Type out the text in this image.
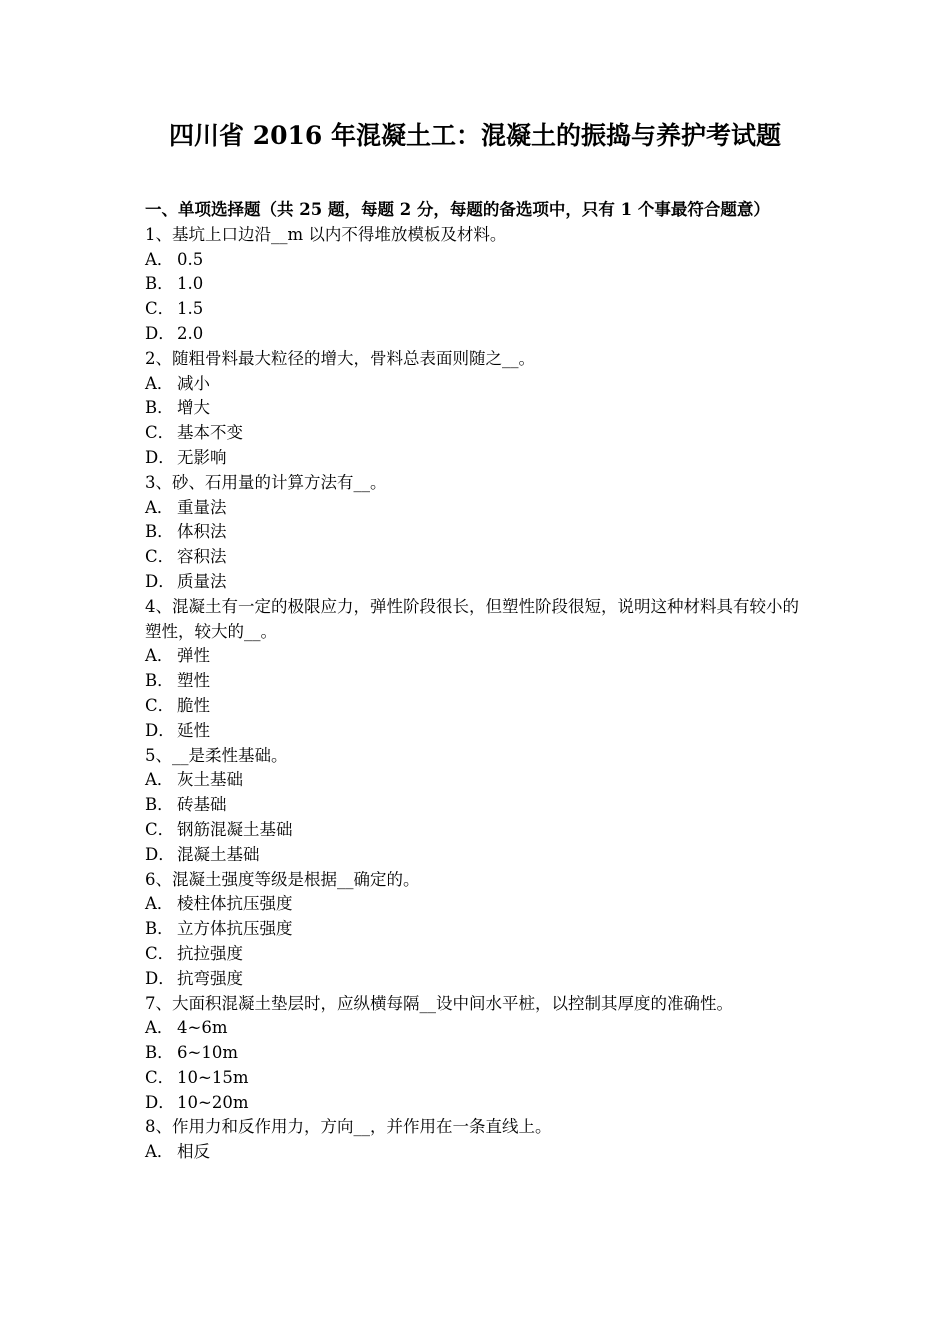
四川省 2016 年混凝土工：混凝土的振捣与养护考试题

一、单项选择题（共 25 题，每题 2 分，每题的备选项中，只有 1 个事最符合题意）

1、基坑上口边沿__m 以内不得堆放模板及材料。

A． 0.5
B． 1.0
C． 1.5
D． 2.0

2、随粗骨料最大粒径的增大，骨料总表面则随之__。

A． 减小
B． 增大
C． 基本不变
D． 无影响

3、砂、石用量的计算方法有__。

A． 重量法
B． 体积法
C． 容积法
D． 质量法

4、混凝土有一定的极限应力，弹性阶段很长，但塑性阶段很短，说明这种材料具有较小的塑性，较大的__。

A． 弹性
B． 塑性
C． 脆性
D． 延性

5、__是柔性基础。

A． 灰土基础
B． 砖基础
C． 钢筋混凝土基础
D． 混凝土基础

6、混凝土强度等级是根据__确定的。

A． 棱柱体抗压强度
B． 立方体抗压强度
C． 抗拉强度
D． 抗弯强度

7、大面积混凝土垫层时，应纵横每隔__设中间水平桩，以控制其厚度的准确性。

A． 4~6m
B． 6~10m
C． 10~15m
D． 10~20m

8、作用力和反作用力，方向__，并作用在一条直线上。

A． 相反
